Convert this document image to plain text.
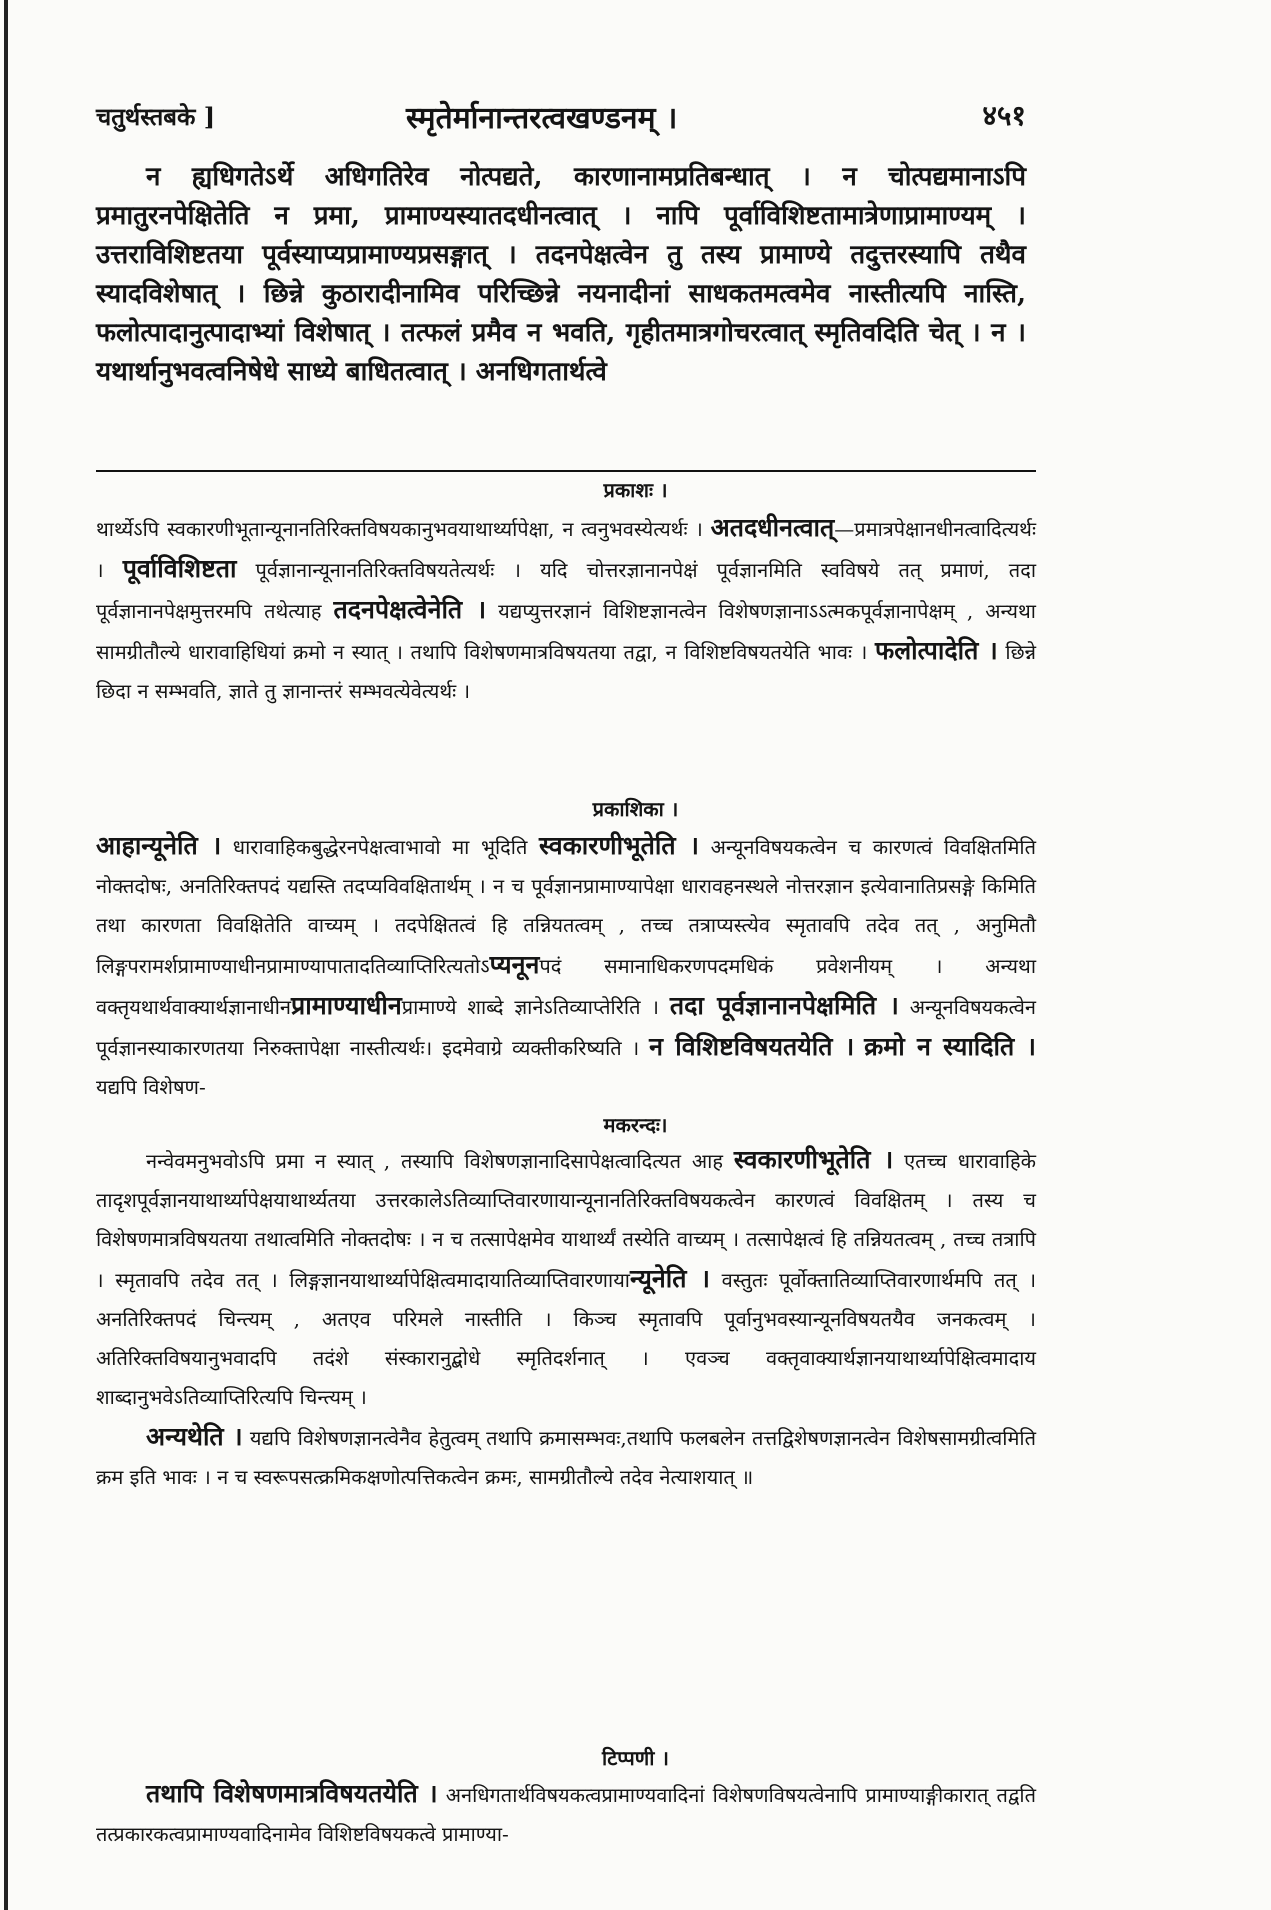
चतुर्थस्तबके ]	स्मृतेर्मानान्तरत्वखण्डनम् ।	४५१
न ह्यधिगतेऽर्थे अधिगतिरेव नोत्पद्यते, कारणानामप्रतिबन्धात् । न चोत्पद्यमानाऽपि प्रमातुरनपेक्षितेति न प्रमा, प्रामाण्यस्यातदधीनत्वात् । नापि पूर्वाविशिष्टतामात्रेणाप्रामाण्यम् । उत्तराविशिष्टतया पूर्वस्याप्यप्रामाण्यप्रसङ्गात् । तदनपेक्षत्वेन तु तस्य प्रामाण्ये तदुत्तरस्यापि तथैव स्यादविशेषात् । छिन्ने कुठारादीनामिव परिच्छिन्ने नयनादीनां साधकतमत्वमेव नास्तीत्यपि नास्ति, फलोत्पादानुत्पादाभ्यां विशेषात् । तत्फलं प्रमैव न भवति, गृहीतमात्रगोचरत्वात् स्मृतिवदिति चेत् । न । यथार्थानुभवत्वनिषेधे साध्ये बाधितत्वात् । अनधिगतार्थत्वे
प्रकाशः ।
थार्थ्येऽपि स्वकारणीभूतान्यूनानतिरिक्तविषयकानुभवयाथार्थ्यापेक्षा, न त्वनुभवस्येत्यर्थः । अतदधीनत्वात्—प्रमात्रपेक्षानधीनत्वादित्यर्थः । पूर्वाविशिष्टता पूर्वज्ञानान्यूनानतिरिक्तविषयतेत्यर्थः । यदि चोत्तरज्ञानानपेक्षं पूर्वज्ञानमिति स्वविषये तत् प्रमाणं, तदा पूर्वज्ञानानपेक्षमुत्तरमपि तथेत्याह तदनपेक्षत्वेनेति । यद्यप्युत्तरज्ञानं विशिष्टज्ञानत्वेन विशेषणज्ञानाऽऽत्मकपूर्वज्ञानापेक्षम् , अन्यथा सामग्रीतौल्ये धारावाहिधियां क्रमो न स्यात् । तथापि विशेषणमात्रविषयतया तद्वा, न विशिष्टविषयतयेति भावः । फलोत्पादेति । छिन्ने छिदा न सम्भवति, ज्ञाते तु ज्ञानान्तरं सम्भवत्येवेत्यर्थः ।
प्रकाशिका ।
आहान्यूनेति । धारावाहिकबुद्धेरनपेक्षत्वाभावो मा भूदिति स्वकारणीभूतेति । अन्यूनविषयकत्वेन च कारणत्वं विवक्षितमिति नोक्तदोषः, अनतिरिक्तपदं यद्यस्ति तदप्यविवक्षितार्थम् । न च पूर्वज्ञानप्रामाण्यापेक्षा धारावहनस्थले नोत्तरज्ञान इत्येवानातिप्रसङ्गे किमिति तथा कारणता विवक्षितेति वाच्यम् । तदपेक्षितत्वं हि तन्नियतत्वम् , तच्च तत्राप्यस्त्येव स्मृतावपि तदेव तत् , अनुमितौ लिङ्गपरामर्शप्रामाण्याधीनप्रामाण्यापातादतिव्याप्तिरित्यतोऽप्यनूनपदं समानाधिकरणपदमधिकं प्रवेशनीयम् । अन्यथा वक्तृयथार्थवाक्यार्थज्ञानाधीनप्रामाण्याधीनप्रामाण्ये शाब्दे ज्ञानेऽतिव्याप्तेरिति । तदा पूर्वज्ञानानपेक्षमिति । अन्यूनविषयकत्वेन पूर्वज्ञानस्याकारणतया निरुक्तापेक्षा नास्तीत्यर्थः। इदमेवाग्रे व्यक्तीकरिष्यति । न विशिष्टविषयतयेति । क्रमो न स्यादिति । यद्यपि विशेषण-
मकरन्दः।

नन्वेवमनुभवोऽपि प्रमा न स्यात् , तस्यापि विशेषणज्ञानादिसापेक्षत्वादित्यत आह स्वकारणीभूतेति । एतच्च धारावाहिके तादृशपूर्वज्ञानयाथार्थ्यापेक्षयाथार्थ्यतया उत्तरकालेऽतिव्याप्तिवारणायान्यूनानतिरिक्तविषयकत्वेन कारणत्वं विवक्षितम् । तस्य च विशेषणमात्रविषयतया तथात्वमिति नोक्तदोषः । न च तत्सापेक्षमेव याथार्थ्यं तस्येति वाच्यम् । तत्सापेक्षत्वं हि तन्नियतत्वम् , तच्च तत्रापि । स्मृतावपि तदेव तत् । लिङ्गज्ञानयाथार्थ्यापेक्षित्वमादायातिव्याप्तिवारणायान्यूनेति । वस्तुतः पूर्वोक्तातिव्याप्तिवारणार्थमपि तत् । अनतिरिक्तपदं चिन्त्यम् , अतएव परिमले नास्तीति । किञ्च स्मृतावपि पूर्वानुभवस्यान्यूनविषयतयैव जनकत्वम् । अतिरिक्तविषयानुभवादपि तदंशे संस्कारानुद्बोधे स्मृतिदर्शनात् । एवञ्च वक्तृवाक्यार्थज्ञानयाथार्थ्यापेक्षित्वमादाय शाब्दानुभवेऽतिव्याप्तिरित्यपि चिन्त्यम् ।

अन्यथेति । यद्यपि विशेषणज्ञानत्वेनैव हेतुत्वम् तथापि क्रमासम्भवः,तथापि फलबलेन तत्तद्विशेषणज्ञानत्वेन विशेषसामग्रीत्वमिति क्रम इति भावः । न च स्वरूपसत्क्रमिकक्षणोत्पत्तिकत्वेन क्रमः, सामग्रीतौल्ये तदेव नेत्याशयात् ॥

टिप्पणी ।

तथापि विशेषणमात्रविषयतयेति । अनधिगतार्थविषयकत्वप्रामाण्यवादिनां विशेषणविषयत्वेनापि प्रामाण्याङ्गीकारात् तद्वति तत्प्रकारकत्वप्रामाण्यवादिनामेव विशिष्टविषयकत्वे प्रामाण्या-
